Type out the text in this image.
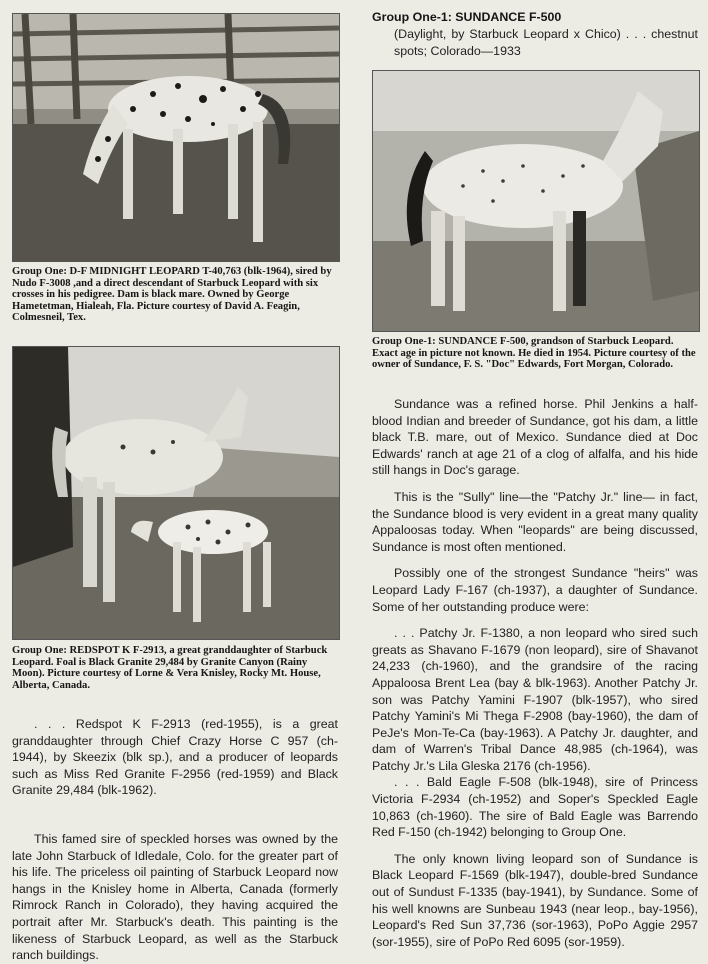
Group One: D-F MIDNIGHT LEOPARD T-40,763 (blk-1964), sired by Nudo F-3008 ,and a direct descendant of Starbuck Leopard with six crosses in his pedigree. Dam is black mare. Owned by George Hametetman, Hialeah, Fla. Picture courtesy of David A. Feagin, Colmesneil, Tex.
Group One: REDSPOT K F-2913, a great granddaughter of Starbuck Leopard. Foal is Black Granite 29,484 by Granite Canyon (Rainy Moon). Picture courtesy of Lorne & Vera Knisley, Rocky Mt. House, Alberta, Canada.

. . . Redspot K F-2913 (red-1955), is a great granddaughter through Chief Crazy Horse C 957 (ch-1944), by Skeezix (blk sp.), and a producer of leopards such as Miss Red Granite F-2956 (red-1959) and Black Granite 29,484 (blk-1962).

This famed sire of speckled horses was owned by the late John Starbuck of Idledale, Colo. for the greater part of his life. The priceless oil painting of Starbuck Leopard now hangs in the Knisley home in Alberta, Canada (formerly Rimrock Ranch in Colorado), they having acquired the portrait after Mr. Starbuck's death. This painting is the likeness of Starbuck Leopard, as well as the Starbuck ranch buildings.

Group One-1: SUNDANCE F-500
(Daylight, by Starbuck Leopard x Chico) . . . chestnut spots; Colorado—1933
Group One-1: SUNDANCE F-500, grandson of Starbuck Leopard. Exact age in picture not known. He died in 1954. Picture courtesy of the owner of Sundance, F. S. "Doc" Edwards, Fort Morgan, Colorado.

Sundance was a refined horse. Phil Jenkins a half-blood Indian and breeder of Sundance, got his dam, a little black T.B. mare, out of Mexico. Sundance died at Doc Edwards' ranch at age 21 of a clog of alfalfa, and his hide still hangs in Doc's garage.

This is the "Sully" line—the "Patchy Jr." line— in fact, the Sundance blood is very evident in a great many quality Appaloosas today. When "leopards" are being discussed, Sundance is most often mentioned.

Possibly one of the strongest Sundance "heirs" was Leopard Lady F-167 (ch-1937), a daughter of Sundance. Some of her outstanding produce were:

. . . Patchy Jr. F-1380, a non leopard who sired such greats as Shavano F-1679 (non leopard), sire of Shavanot 24,233 (ch-1960), and the grandsire of the racing Appaloosa Brent Lea (bay & blk-1963). Another Patchy Jr. son was Patchy Yamini F-1907 (blk-1957), who sired Patchy Yamini's Mi Thega F-2908 (bay-1960), the dam of PeJe's Mon-Te-Ca (bay-1963). A Patchy Jr. daughter, and dam of Warren's Tribal Dance 48,985 (ch-1964), was Patchy Jr.'s Lila Gleska 2176 (ch-1956).

. . . Bald Eagle F-508 (blk-1948), sire of Princess Victoria F-2934 (ch-1952) and Soper's Speckled Eagle 10,863 (ch-1960). The sire of Bald Eagle was Barrendo Red F-150 (ch-1942) belonging to Group One.

The only known living leopard son of Sundance is Black Leopard F-1569 (blk-1947), double-bred Sundance out of Sundust F-1335 (bay-1941), by Sundance. Some of his well knowns are Sunbeau 1943 (near leop., bay-1956), Leopard's Red Sun 37,736 (sor-1963), PoPo Aggie 2957 (sor-1955), sire of PoPo Red 6095 (sor-1959).
